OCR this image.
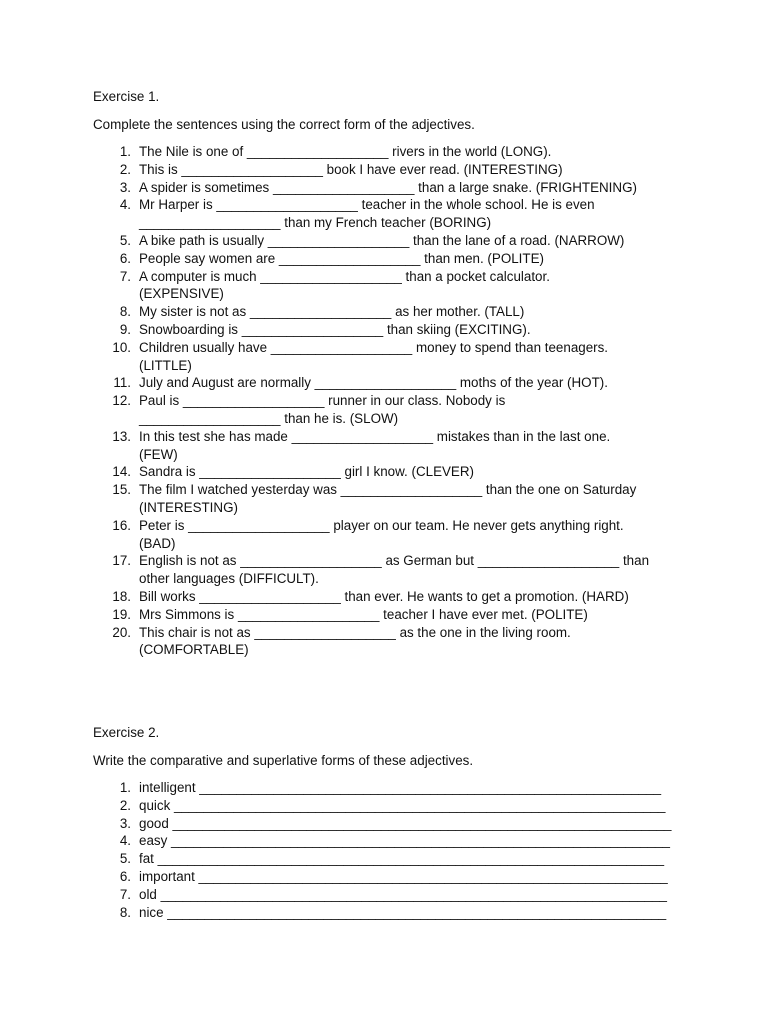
Exercise 1.
Complete the sentences using the correct form of the adjectives.
1. The Nile is one of ___________________ rivers in the world (LONG).
2. This is ___________________ book I have ever read. (INTERESTING)
3. A spider is sometimes ___________________ than a large snake. (FRIGHTENING)
4. Mr Harper is ___________________ teacher in the whole school. He is even
___________________ than my French teacher (BORING)
5. A bike path is usually ___________________ than the lane of a road. (NARROW)
6. People say women are ___________________ than men. (POLITE)
7. A computer is much ___________________ than a pocket calculator.
(EXPENSIVE)
8. My sister is not as ___________________ as her mother. (TALL)
9. Snowboarding is ___________________ than skiing (EXCITING).
10. Children usually have ___________________ money to spend than teenagers.
(LITTLE)
11. July and August are normally ___________________ moths of the year (HOT).
12. Paul is ___________________ runner in our class. Nobody is
___________________ than he is. (SLOW)
13. In this test she has made ___________________ mistakes than in the last one.
(FEW)
14. Sandra is ___________________ girl I know. (CLEVER)
15. The film I watched yesterday was ___________________ than the one on Saturday
(INTERESTING)
16. Peter is ___________________ player on our team. He never gets anything right.
(BAD)
17. English is not as ___________________ as German but ___________________ than
other languages (DIFFICULT).
18. Bill works ___________________ than ever. He wants to get a promotion. (HARD)
19. Mrs Simmons is ___________________ teacher I have ever met. (POLITE)
20. This chair is not as ___________________ as the one in the living room.
(COMFORTABLE)
Exercise 2.
Write the comparative and superlative forms of these adjectives.
1. intelligent ______________________________________________________________
2. quick __________________________________________________________________
3. good ___________________________________________________________________
4. easy ___________________________________________________________________
5. fat ____________________________________________________________________
6. important _______________________________________________________________
7. old ____________________________________________________________________
8. nice ___________________________________________________________________
